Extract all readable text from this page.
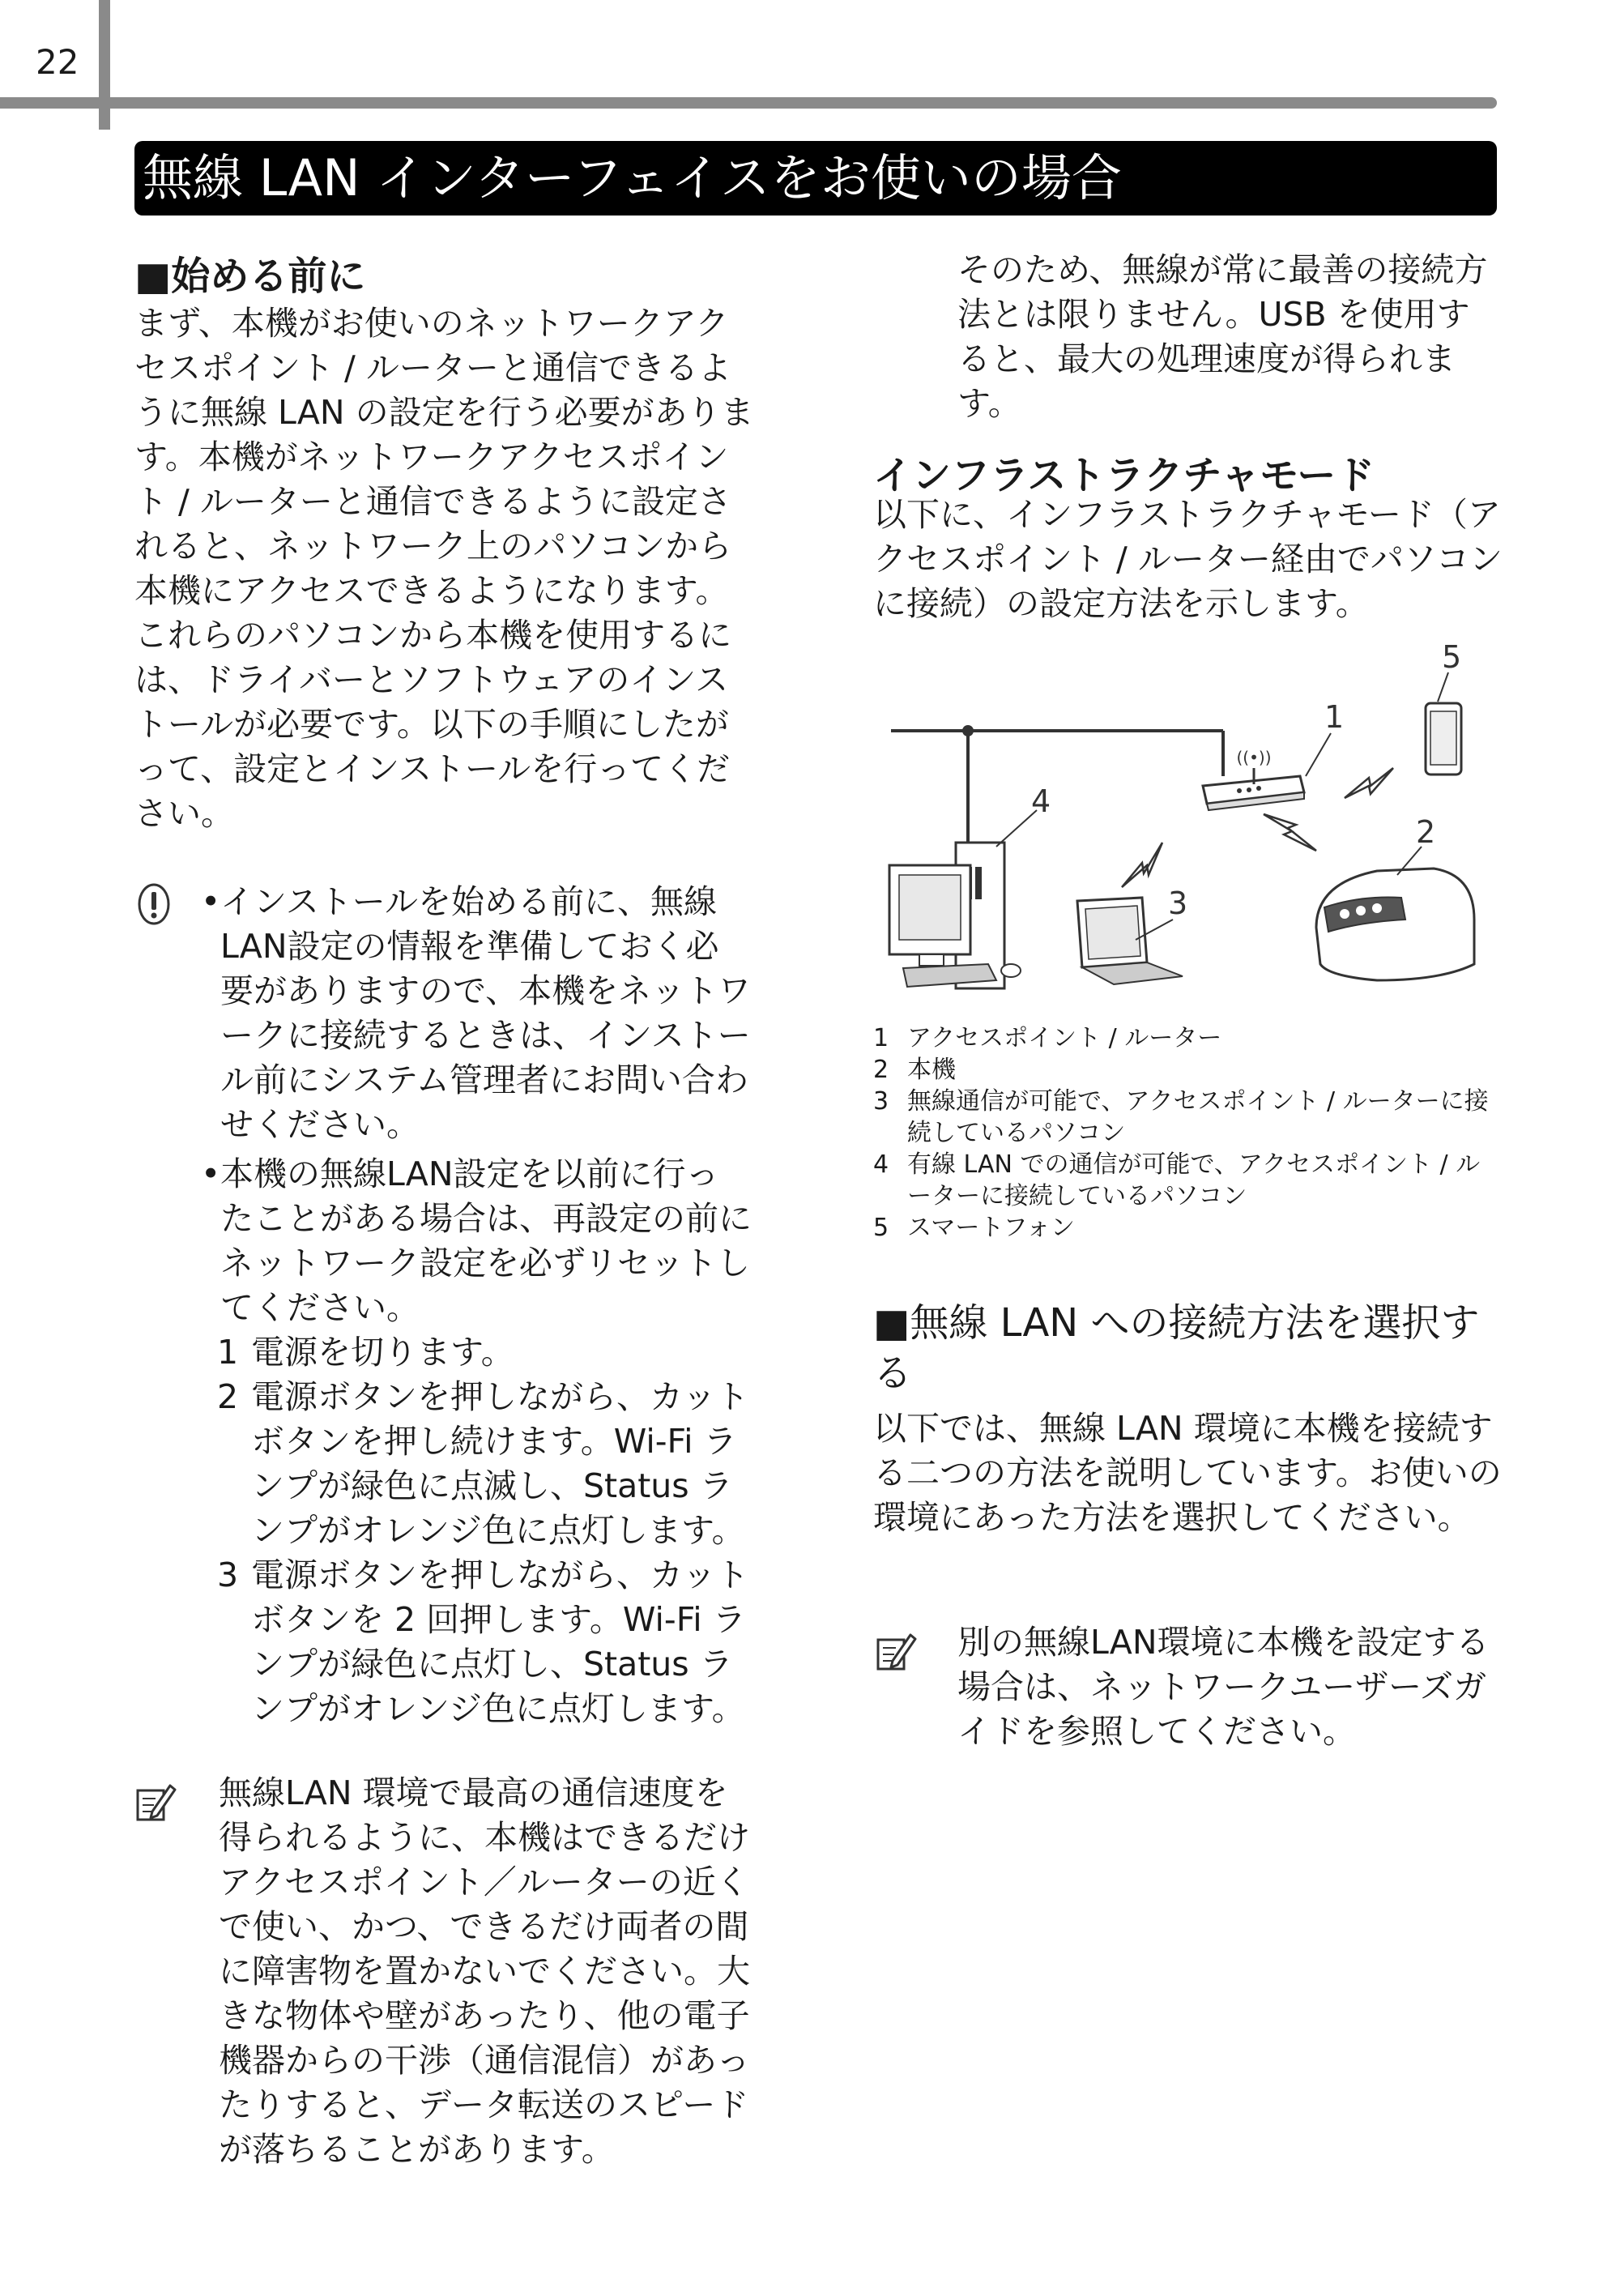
22
無線 LAN インターフェイスをお使いの場合
■始める前に
まず、本機がお使いのネットワークアクセスポイント / ルーターと通信できるように無線 LAN の設定を行う必要があります。本機がネットワークアクセスポイント / ルーターと通信できるように設定されると、ネットワーク上のパソコンから本機にアクセスできるようになります。これらのパソコンから本機を使用するには、ドライバーとソフトウェアのインストールが必要です。以下の手順にしたがって、設定とインストールを行ってください。
• インストールを始める前に、無線LAN設定の情報を準備しておく必要がありますので、本機をネットワークに接続するときは、インストール前にシステム管理者にお問い合わせください。
• 本機の無線LAN設定を以前に行ったことがある場合は、再設定の前にネットワーク設定を必ずリセットしてください。
1 電源を切ります。
2 電源ボタンを押しながら、カットボタンを押し続けます。Wi-Fi ランプが緑色に点滅し、Status ランプがオレンジ色に点灯します。
3 電源ボタンを押しながら、カットボタンを 2 回押します。Wi-Fi ランプが緑色に点灯し、Status ランプがオレンジ色に点灯します。
無線LAN 環境で最高の通信速度を得られるように、本機はできるだけアクセスポイント／ルーターの近くで使い、かつ、できるだけ両者の間に障害物を置かないでください。大きな物体や壁があったり、他の電子機器からの干渉（通信混信）があったりすると、データ転送のスピードが落ちることがあります。
そのため、無線が常に最善の接続方法とは限りません。USB を使用すると、最大の処理速度が得られます。
インフラストラクチャモード
以下に、インフラストラクチャモード（アクセスポイント / ルーター経由でパソコンに接続）の設定方法を示します。
((•))
1
2
3
4
5
1 アクセスポイント / ルーター
2 本機
3 無線通信が可能で、アクセスポイント / ルーターに接続しているパソコン
4 有線 LAN での通信が可能で、アクセスポイント / ルーターに接続しているパソコン
5 スマートフォン
■無線 LAN への接続方法を選択する
以下では、無線 LAN 環境に本機を接続する二つの方法を説明しています。お使いの環境にあった方法を選択してください。
別の無線LAN環境に本機を設定する場合は、ネットワークユーザーズガイドを参照してください。
